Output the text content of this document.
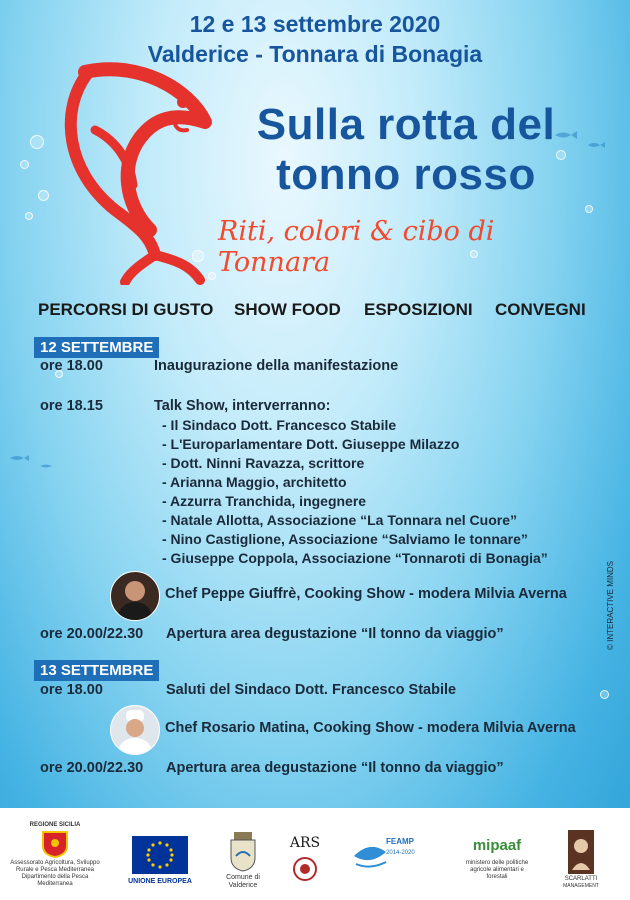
12 e 13 settembre 2020
Valderice - Tonnara di Bonagia
Sulla rotta del
tonno rosso
Riti, colori & cibo di Tonnara
PERCORSI DI GUSTO SHOW FOOD ESPOSIZIONI CONVEGNI
12 SETTEMBRE
ore 18.00	Inaugurazione della manifestazione
ore 18.15	Talk Show, interverranno:
- Il Sindaco Dott. Francesco Stabile
- L'Europarlamentare Dott. Giuseppe Milazzo
- Dott. Ninni Ravazza, scrittore
- Arianna Maggio, architetto
- Azzurra Tranchida, ingegnere
- Natale Allotta, Associazione “La Tonnara nel Cuore”
- Nino Castiglione, Associazione “Salviamo le tonnare”
- Giuseppe Coppola, Associazione “Tonnaroti di Bonagia”
Chef Peppe Giuffrè, Cooking Show - modera Milvia Averna
ore 20.00/22.30 Apertura area degustazione “Il tonno da viaggio”
13 SETTEMBRE
ore 18.00	Saluti del Sindaco Dott. Francesco Stabile
Chef Rosario Matina, Cooking Show - modera Milvia Averna
ore 20.00/22.30 Apertura area degustazione “Il tonno da viaggio”
© INTERACTIVE MINDS
REGIONE SICILIA
Assessorato Agricoltura, Sviluppo
Rurale e Pesca Mediterranea
Dipartimento della Pesca Mediterranea	UNIONE EUROPEA
Comune di
Valderice
ARS	FEAMP
2014-2020	mipaaf
ministero delle politiche
agricole alimentari e forestali	SCARLATTI
MANAGEMENT
